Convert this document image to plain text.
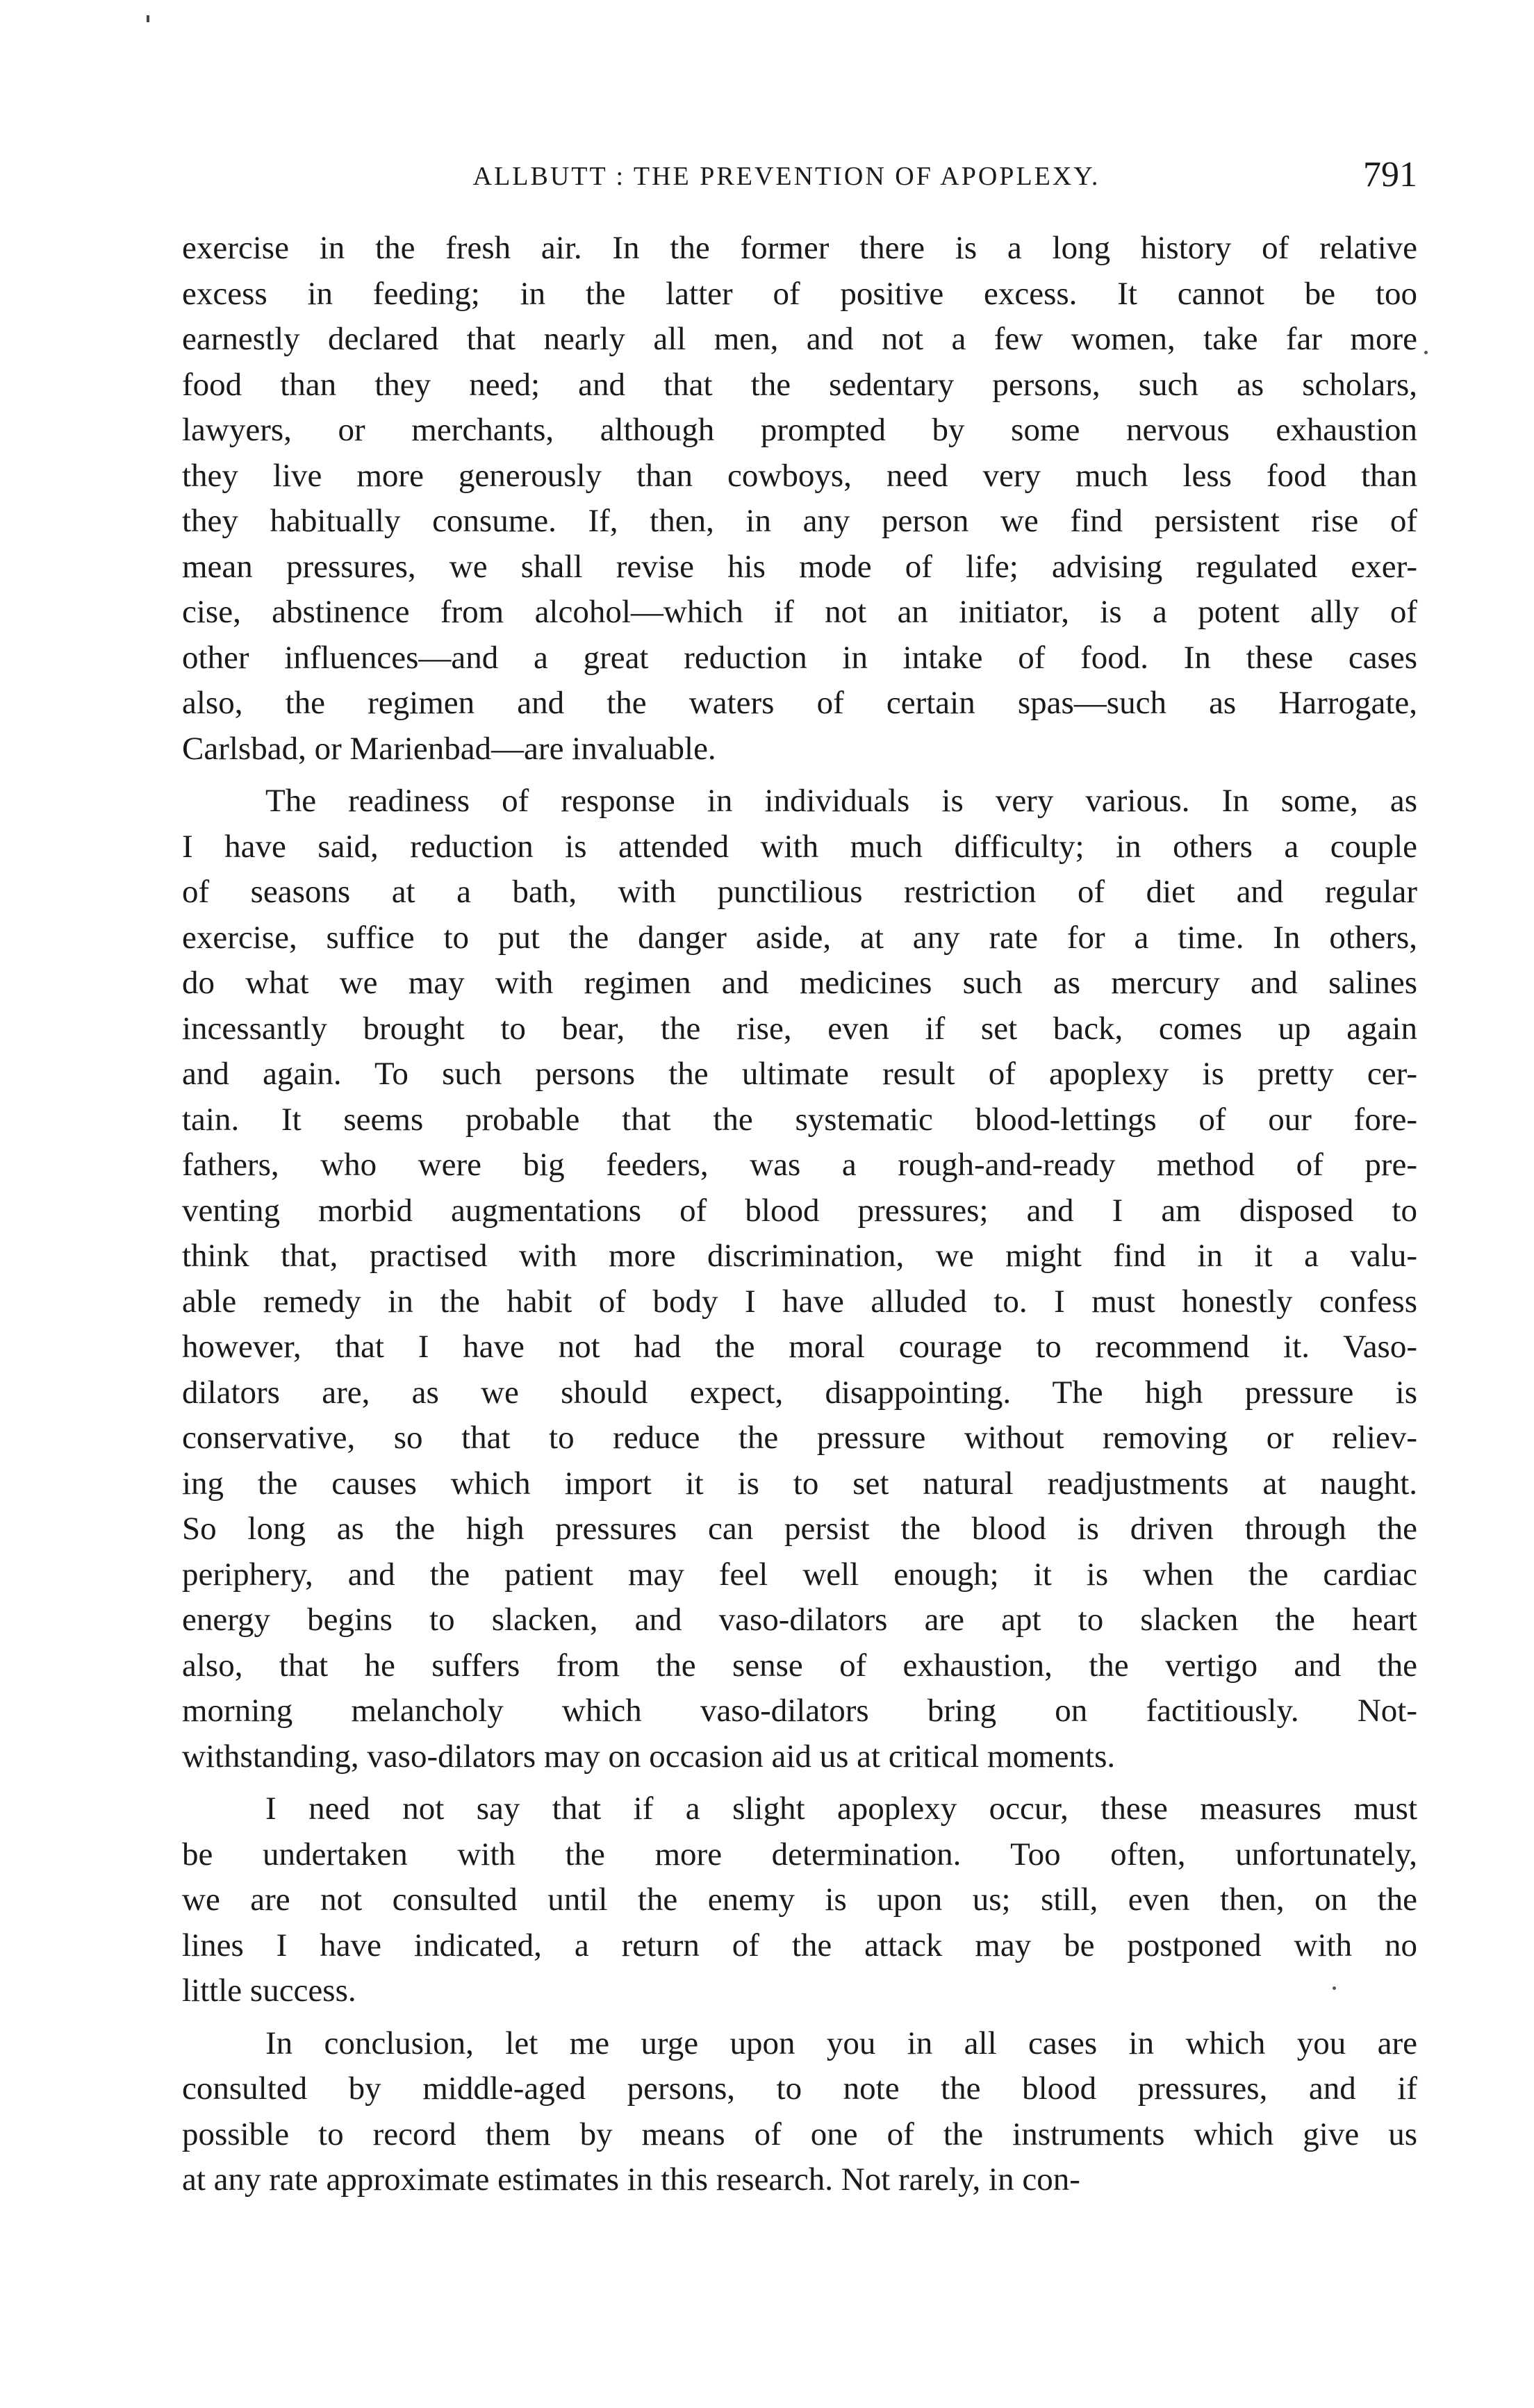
ALLBUTT : THE PREVENTION OF APOPLEXY.	791
exercise in the fresh air. In the former there is a long history of relative
excess in feeding; in the latter of positive excess. It cannot be too
earnestly declared that nearly all men, and not a few women, take far more
food than they need; and that the sedentary persons, such as scholars,
lawyers, or merchants, although prompted by some nervous exhaustion
they live more generously than cowboys, need very much less food than
they habitually consume. If, then, in any person we find persistent rise of
mean pressures, we shall revise his mode of life; advising regulated exer-
cise, abstinence from alcohol—which if not an initiator, is a potent ally of
other influences—and a great reduction in intake of food. In these cases
also, the regimen and the waters of certain spas—such as Harrogate,
Carlsbad, or Marienbad—are invaluable.
The readiness of response in individuals is very various. In some, as
I have said, reduction is attended with much difficulty; in others a couple
of seasons at a bath, with punctilious restriction of diet and regular
exercise, suffice to put the danger aside, at any rate for a time. In others,
do what we may with regimen and medicines such as mercury and salines
incessantly brought to bear, the rise, even if set back, comes up again
and again. To such persons the ultimate result of apoplexy is pretty cer-
tain. It seems probable that the systematic blood-lettings of our fore-
fathers, who were big feeders, was a rough-and-ready method of pre-
venting morbid augmentations of blood pressures; and I am disposed to
think that, practised with more discrimination, we might find in it a valu-
able remedy in the habit of body I have alluded to. I must honestly confess
however, that I have not had the moral courage to recommend it. Vaso-
dilators are, as we should expect, disappointing. The high pressure is
conservative, so that to reduce the pressure without removing or reliev-
ing the causes which import it is to set natural readjustments at naught.
So long as the high pressures can persist the blood is driven through the
periphery, and the patient may feel well enough; it is when the cardiac
energy begins to slacken, and vaso-dilators are apt to slacken the heart
also, that he suffers from the sense of exhaustion, the vertigo and the
morning melancholy which vaso-dilators bring on factitiously. Not-
withstanding, vaso-dilators may on occasion aid us at critical moments.
I need not say that if a slight apoplexy occur, these measures must
be undertaken with the more determination. Too often, unfortunately,
we are not consulted until the enemy is upon us; still, even then, on the
lines I have indicated, a return of the attack may be postponed with no
little success.
In conclusion, let me urge upon you in all cases in which you are
consulted by middle-aged persons, to note the blood pressures, and if
possible to record them by means of one of the instruments which give us
at any rate approximate estimates in this research. Not rarely, in con-
